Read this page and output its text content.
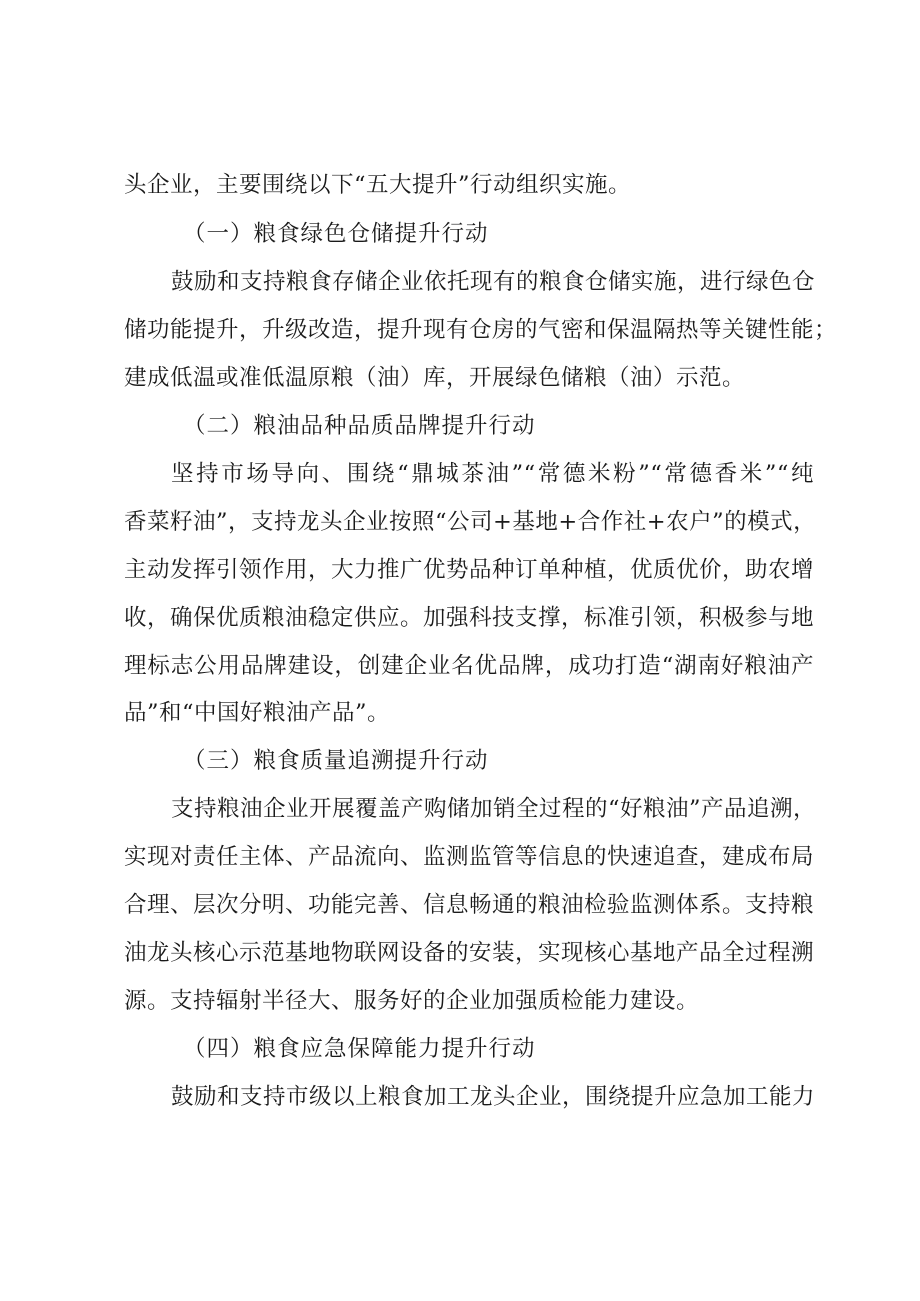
头企业，主要围绕以下“五大提升”行动组织实施。
（一）粮食绿色仓储提升行动
鼓励和支持粮食存储企业依托现有的粮食仓储实施，进行绿色仓
储功能提升，升级改造，提升现有仓房的气密和保温隔热等关键性能；
建成低温或准低温原粮（油）库，开展绿色储粮（油）示范。
（二）粮油品种品质品牌提升行动
坚持市场导向、围绕“鼎城茶油”“常德米粉”“常德香米”“纯
香菜籽油”，支持龙头企业按照“公司+基地+合作社+农户”的模式，
主动发挥引领作用，大力推广优势品种订单种植，优质优价，助农增
收，确保优质粮油稳定供应。加强科技支撑，标准引领，积极参与地
理标志公用品牌建设，创建企业名优品牌，成功打造“湖南好粮油产
品”和“中国好粮油产品”。
（三）粮食质量追溯提升行动
支持粮油企业开展覆盖产购储加销全过程的“好粮油”产品追溯，
实现对责任主体、产品流向、监测监管等信息的快速追查，建成布局
合理、层次分明、功能完善、信息畅通的粮油检验监测体系。支持粮
油龙头核心示范基地物联网设备的安装，实现核心基地产品全过程溯
源。支持辐射半径大、服务好的企业加强质检能力建设。
（四）粮食应急保障能力提升行动
鼓励和支持市级以上粮食加工龙头企业，围绕提升应急加工能力
